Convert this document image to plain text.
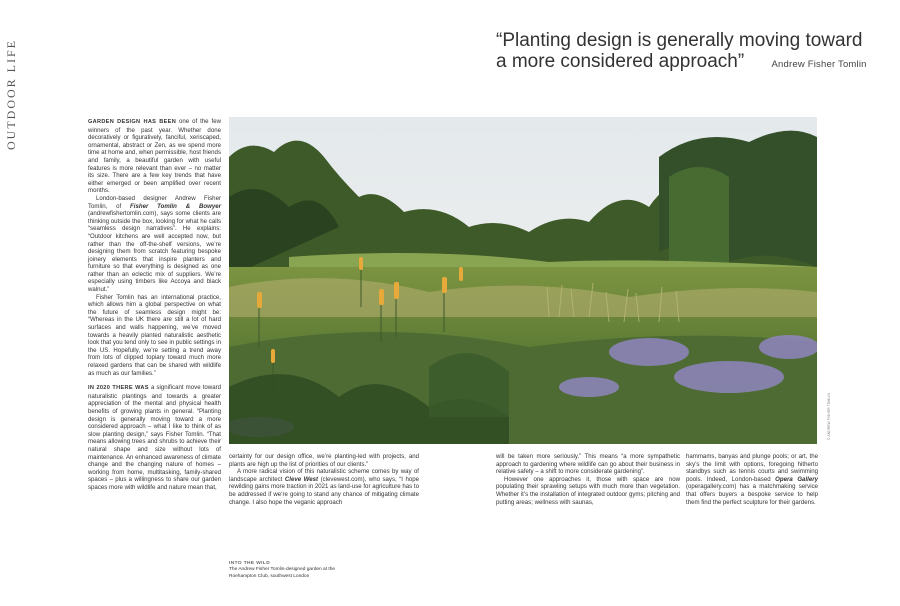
OUTDOOR LIFE	“Planting design is generally moving toward a more considered approach”	Andrew Fisher Tomlin

GARDEN DESIGN HAS BEEN one of the few winners of the past year. Whether done decoratively or figuratively, fanciful, xeriscaped, ornamental, abstract or Zen, as we spend more time at home and, when permissible, host friends and family, a beautiful garden with useful features is more relevant than ever – no matter its size. There are a few key trends that have either emerged or been amplified over recent months.

London-based designer Andrew Fisher Tomlin, of Fisher Tomlin & Bowyer (andrewfishertomlin.com), says some clients are thinking outside the box, looking for what he calls “seamless design narratives”. He explains: “Outdoor kitchens are well accepted now, but rather than the off-the-shelf versions, we’re designing them from scratch featuring bespoke joinery elements that inspire planters and furniture so that everything is designed as one rather than an eclectic mix of suppliers. We’re especially using timbers like Accoya and black walnut.”

Fisher Tomlin has an international practice, which allows him a global perspective on what the future of seamless design might be: “Whereas in the UK there are still a lot of hard surfaces and walls happening, we’ve moved towards a heavily planted naturalistic aesthetic look that you tend only to see in public settings in the US. Hopefully, we’re setting a trend away from lots of clipped topiary toward much more relaxed gardens that can be shared with wildlife as much as our families.”

IN 2020 THERE WAS a significant move toward naturalistic plantings and towards a greater appreciation of the mental and physical health benefits of growing plants in general. “Planting design is generally moving toward a more considered approach – what I like to think of as slow planting design,” says Fisher Tomlin. “That means allowing trees and shrubs to achieve their natural shape and size without lots of maintenance. An enhanced awareness of climate change and the changing nature of homes – working from home, multitasking, family-shared spaces – plus a willingness to share our garden spaces more with wildlife and nature mean that,

© ANDREW FISHER TOMLIN

certainty for our design office, we’re planting-led with projects, and plants are high up the list of priorities of our clients.”

A more radical vision of this naturalistic scheme comes by way of landscape architect Cleve West (clevewest.com), who says, “I hope rewilding gains more traction in 2021 as land-use for agriculture has to be addressed if we’re going to stand any chance of mitigating climate change. I also hope the veganic approach

will be taken more seriously.” This means “a more sympathetic approach to gardening where wildlife can go about their business in relative safety – a shift to more considerate gardening”.

However one approaches it, those with space are now populating their sprawling setups with much more than vegetation. Whether it’s the installation of integrated outdoor gyms; pitching and putting areas; wellness with saunas,

hammams, banyas and plunge pools; or art, the sky’s the limit with options, foregoing hitherto standbys such as tennis courts and swimming pools. Indeed, London-based Opera Gallery (operagallery.com) has a matchmaking service that offers buyers a bespoke service to help them find the perfect sculpture for their gardens.

INTO THE WILD
The Andrew Fisher Tomlin-designed garden at the Roehampton Club, southwest London
